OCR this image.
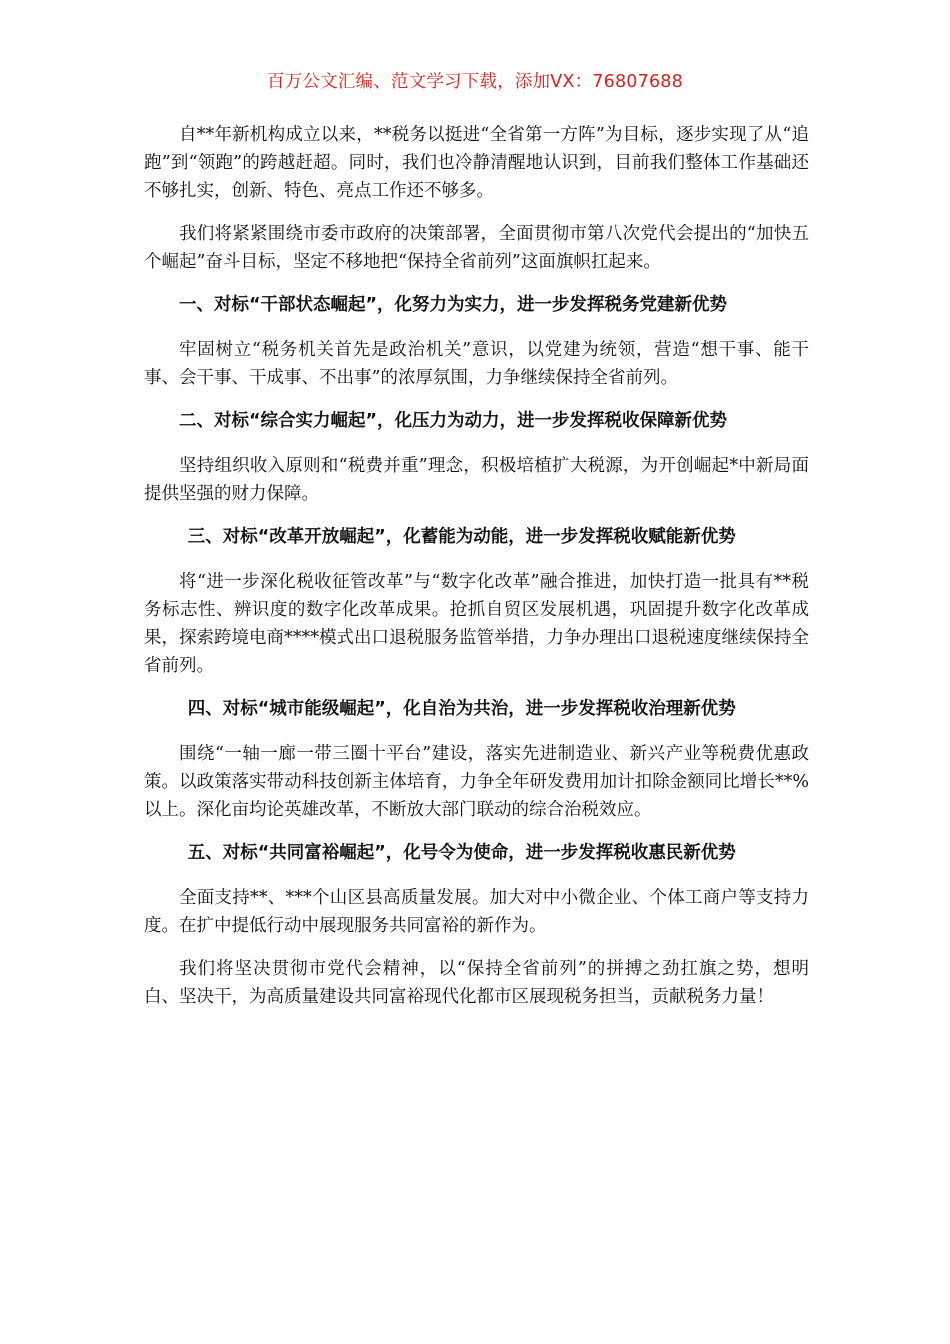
百万公文汇编、范文学习下载，添加VX：76807688

自**年新机构成立以来，**税务以挺进“全省第一方阵”为目标，逐步实现了从“追跑”到“领跑”的跨越赶超。同时，我们也冷静清醒地认识到，目前我们整体工作基础还不够扎实，创新、特色、亮点工作还不够多。

我们将紧紧围绕市委市政府的决策部署，全面贯彻市第八次党代会提出的“加快五个崛起”奋斗目标，坚定不移地把“保持全省前列”这面旗帜扛起来。

一、对标“干部状态崛起”，化努力为实力，进一步发挥税务党建新优势

牢固树立“税务机关首先是政治机关”意识，以党建为统领，营造“想干事、能干事、会干事、干成事、不出事”的浓厚氛围，力争继续保持全省前列。

二、对标“综合实力崛起”，化压力为动力，进一步发挥税收保障新优势

坚持组织收入原则和“税费并重”理念，积极培植扩大税源，为开创崛起*中新局面提供坚强的财力保障。

三、对标“改革开放崛起”，化蓄能为动能，进一步发挥税收赋能新优势

将“进一步深化税收征管改革”与“数字化改革”融合推进，加快打造一批具有**税务标志性、辨识度的数字化改革成果。抢抓自贸区发展机遇，巩固提升数字化改革成果，探索跨境电商****模式出口退税服务监管举措，力争办理出口退税速度继续保持全省前列。

四、对标“城市能级崛起”，化自治为共治，进一步发挥税收治理新优势

围绕“一轴一廊一带三圈十平台”建设，落实先进制造业、新兴产业等税费优惠政策。以政策落实带动科技创新主体培育，力争全年研发费用加计扣除金额同比增长**%以上。深化亩均论英雄改革，不断放大部门联动的综合治税效应。

五、对标“共同富裕崛起”，化号令为使命，进一步发挥税收惠民新优势

全面支持**、***个山区县高质量发展。加大对中小微企业、个体工商户等支持力度。在扩中提低行动中展现服务共同富裕的新作为。

我们将坚决贯彻市党代会精神，以“保持全省前列”的拼搏之劲扛旗之势，想明白、坚决干，为高质量建设共同富裕现代化都市区展现税务担当，贡献税务力量！
